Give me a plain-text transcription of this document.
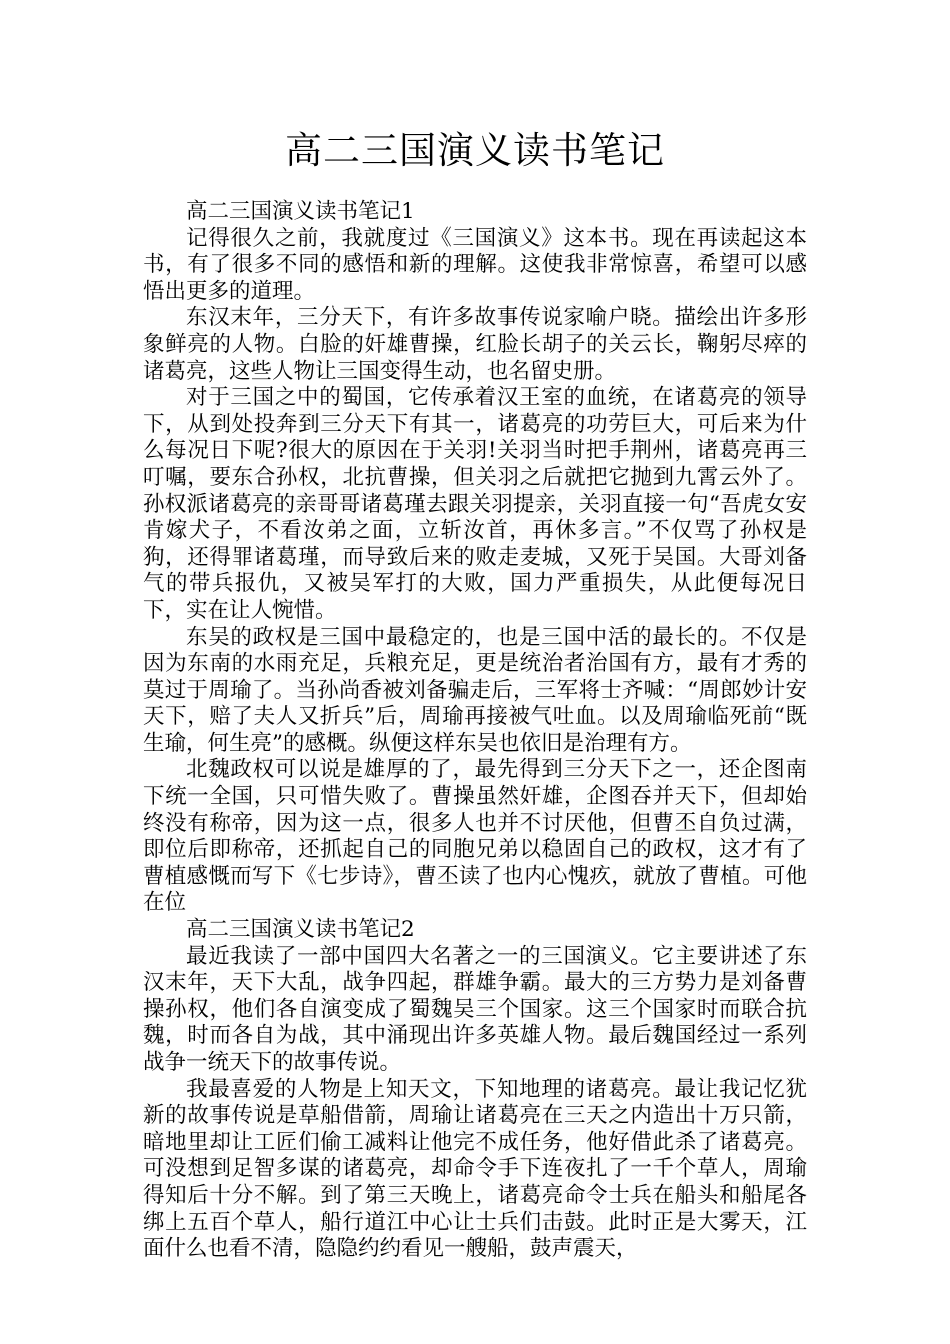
高二三国演义读书笔记

高二三国演义读书笔记1

记得很久之前，我就度过《三国演义》这本书。现在再读起这本书，有了很多不同的感悟和新的理解。这使我非常惊喜，希望可以感悟出更多的道理。

东汉末年，三分天下，有许多故事传说家喻户晓。描绘出许多形象鲜亮的人物。白脸的奸雄曹操，红脸长胡子的关云长，鞠躬尽瘁的诸葛亮，这些人物让三国变得生动，也名留史册。

对于三国之中的蜀国，它传承着汉王室的血统，在诸葛亮的领导下，从到处投奔到三分天下有其一，诸葛亮的功劳巨大，可后来为什么每况日下呢?很大的原因在于关羽!关羽当时把手荆州，诸葛亮再三叮嘱，要东合孙权，北抗曹操，但关羽之后就把它抛到九霄云外了。孙权派诸葛亮的亲哥哥诸葛瑾去跟关羽提亲，关羽直接一句“吾虎女安肯嫁犬子，不看汝弟之面，立斩汝首，再休多言。”不仅骂了孙权是狗，还得罪诸葛瑾，而导致后来的败走麦城，又死于吴国。大哥刘备气的带兵报仇，又被吴军打的大败，国力严重损失，从此便每况日下，实在让人惋惜。

东吴的政权是三国中最稳定的，也是三国中活的最长的。不仅是因为东南的水雨充足，兵粮充足，更是统治者治国有方，最有才秀的莫过于周瑜了。当孙尚香被刘备骗走后，三军将士齐喊：“周郎妙计安天下，赔了夫人又折兵”后，周瑜再接被气吐血。以及周瑜临死前“既生瑜，何生亮”的感概。纵便这样东吴也依旧是治理有方。

北魏政权可以说是雄厚的了，最先得到三分天下之一，还企图南下统一全国，只可惜失败了。曹操虽然奸雄，企图吞并天下，但却始终没有称帝，因为这一点，很多人也并不讨厌他，但曹丕自负过满，即位后即称帝，还抓起自己的同胞兄弟以稳固自己的政权，这才有了曹植感慨而写下《七步诗》，曹丕读了也内心愧疚，就放了曹植。可他在位

高二三国演义读书笔记2

最近我读了一部中国四大名著之一的三国演义。它主要讲述了东汉末年，天下大乱，战争四起，群雄争霸。最大的三方势力是刘备曹操孙权，他们各自演变成了蜀魏吴三个国家。这三个国家时而联合抗魏，时而各自为战，其中涌现出许多英雄人物。最后魏国经过一系列战争一统天下的故事传说。

我最喜爱的人物是上知天文，下知地理的诸葛亮。最让我记忆犹新的故事传说是草船借箭，周瑜让诸葛亮在三天之内造出十万只箭，暗地里却让工匠们偷工减料让他完不成任务，他好借此杀了诸葛亮。可没想到足智多谋的诸葛亮，却命令手下连夜扎了一千个草人，周瑜得知后十分不解。到了第三天晚上，诸葛亮命令士兵在船头和船尾各绑上五百个草人，船行道江中心让士兵们击鼓。此时正是大雾天，江面什么也看不清，隐隐约约看见一艘船，鼓声震天，
